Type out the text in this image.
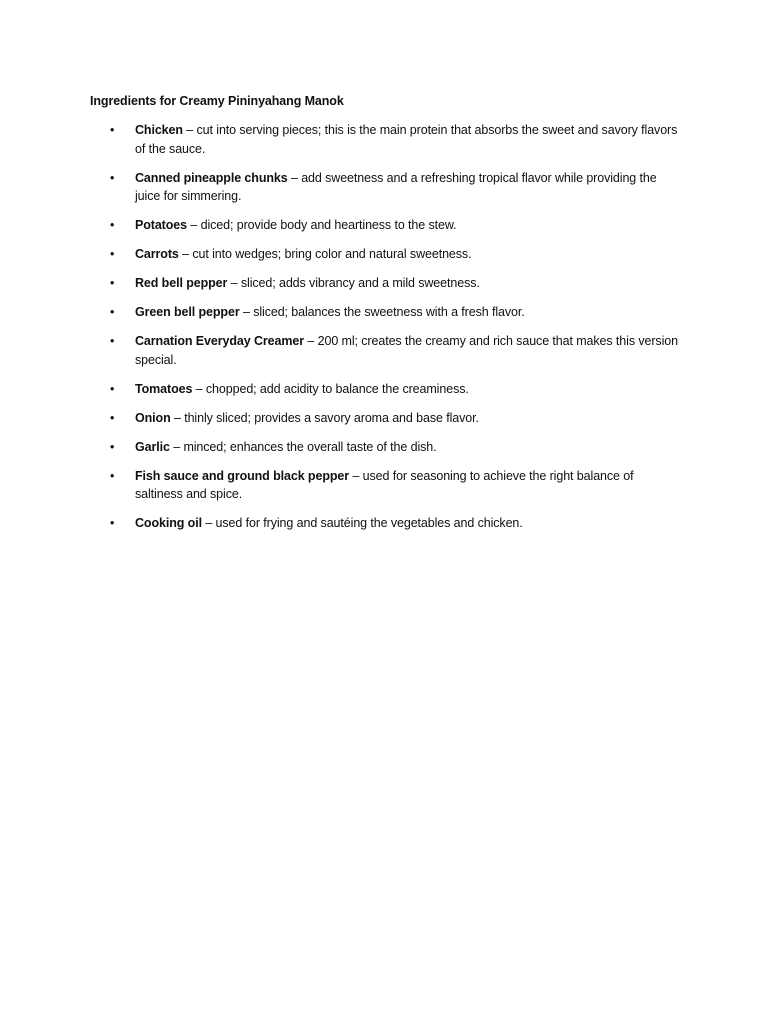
Ingredients for Creamy Pininyahang Manok
• Chicken – cut into serving pieces; this is the main protein that absorbs the sweet and savory flavors of the sauce.
• Canned pineapple chunks – add sweetness and a refreshing tropical flavor while providing the juice for simmering.
• Potatoes – diced; provide body and heartiness to the stew.
• Carrots – cut into wedges; bring color and natural sweetness.
• Red bell pepper – sliced; adds vibrancy and a mild sweetness.
• Green bell pepper – sliced; balances the sweetness with a fresh flavor.
• Carnation Everyday Creamer – 200 ml; creates the creamy and rich sauce that makes this version special.
• Tomatoes – chopped; add acidity to balance the creaminess.
• Onion – thinly sliced; provides a savory aroma and base flavor.
• Garlic – minced; enhances the overall taste of the dish.
• Fish sauce and ground black pepper – used for seasoning to achieve the right balance of saltiness and spice.
• Cooking oil – used for frying and sautéing the vegetables and chicken.
